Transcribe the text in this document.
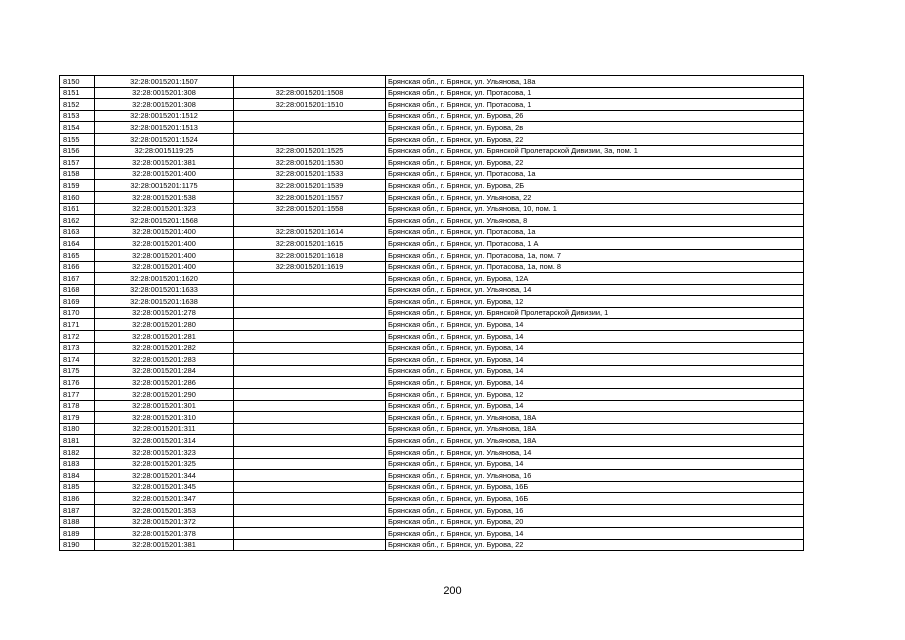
8150	32:28:0015201:1507		Брянская обл., г. Брянск, ул. Ульянова, 18а
8151	32:28:0015201:308	32:28:0015201:1508	Брянская обл., г. Брянск, ул. Протасова, 1
8152	32:28:0015201:308	32:28:0015201:1510	Брянская обл., г. Брянск, ул. Протасова, 1
8153	32:28:0015201:1512		Брянская обл., г. Брянск, ул. Бурова, 26
8154	32:28:0015201:1513		Брянская обл., г. Брянск, ул. Бурова, 2в
8155	32:28:0015201:1524		Брянская обл., г. Брянск, ул. Бурова, 22
8156	32:28:0015119:25	32:28:0015201:1525	Брянская обл., г. Брянск, ул. Брянской Пролетарской Дивизии, 3а, пом. 1
8157	32:28:0015201:381	32:28:0015201:1530	Брянская обл., г. Брянск, ул. Бурова, 22
8158	32:28:0015201:400	32:28:0015201:1533	Брянская обл., г. Брянск, ул. Протасова, 1а
8159	32:28:0015201:1175	32:28:0015201:1539	Брянская обл., г. Брянск, ул. Бурова, 2Б
8160	32:28:0015201:538	32:28:0015201:1557	Брянская обл., г. Брянск, ул. Ульянова, 22
8161	32:28:0015201:323	32:28:0015201:1558	Брянская обл., г. Брянск, ул. Ульянова, 10, пом. 1
8162	32:28:0015201:1568		Брянская обл., г. Брянск, ул. Ульянова, 8
8163	32:28:0015201:400	32:28:0015201:1614	Брянская обл., г. Брянск, ул. Протасова, 1а
8164	32:28:0015201:400	32:28:0015201:1615	Брянская обл., г. Брянск, ул. Протасова, 1 А
8165	32:28:0015201:400	32:28:0015201:1618	Брянская обл., г. Брянск, ул. Протасова, 1а, пом. 7
8166	32:28:0015201:400	32:28:0015201:1619	Брянская обл., г. Брянск, ул. Протасова, 1а, пом. 8
8167	32:28:0015201:1620		Брянская обл., г. Брянск, ул. Бурова, 12А
8168	32:28:0015201:1633		Брянская обл., г. Брянск, ул. Ульянова, 14
8169	32:28:0015201:1638		Брянская обл., г. Брянск, ул. Бурова, 12
8170	32:28:0015201:278		Брянская обл., г. Брянск, ул. Брянской Пролетарской Дивизии, 1
8171	32:28:0015201:280		Брянская обл., г. Брянск, ул. Бурова, 14
8172	32:28:0015201:281		Брянская обл., г. Брянск, ул. Бурова, 14
8173	32:28:0015201:282		Брянская обл., г. Брянск, ул. Бурова, 14
8174	32:28:0015201:283		Брянская обл., г. Брянск, ул. Бурова, 14
8175	32:28:0015201:284		Брянская обл., г. Брянск, ул. Бурова, 14
8176	32:28:0015201:286		Брянская обл., г. Брянск, ул. Бурова, 14
8177	32:28:0015201:290		Брянская обл., г. Брянск, ул. Бурова, 12
8178	32:28:0015201:301		Брянская обл., г. Брянск, ул. Бурова, 14
8179	32:28:0015201:310		Брянская обл., г. Брянск, ул. Ульянова, 18А
8180	32:28:0015201:311		Брянская обл., г. Брянск, ул. Ульянова, 18А
8181	32:28:0015201:314		Брянская обл., г. Брянск, ул. Ульянова, 18А
8182	32:28:0015201:323		Брянская обл., г. Брянск, ул. Ульянова, 14
8183	32:28:0015201:325		Брянская обл., г. Брянск, ул. Бурова, 14
8184	32:28:0015201:344		Брянская обл., г. Брянск, ул. Ульянова, 16
8185	32:28:0015201:345		Брянская обл., г. Брянск, ул. Бурова, 16Б
8186	32:28:0015201:347		Брянская обл., г. Брянск, ул. Бурова, 16Б
8187	32:28:0015201:353		Брянская обл., г. Брянск, ул. Бурова, 16
8188	32:28:0015201:372		Брянская обл., г. Брянск, ул. Бурова, 20
8189	32:28:0015201:378		Брянская обл., г. Брянск, ул. Бурова, 14
8190	32:28:0015201:381		Брянская обл., г. Брянск, ул. Бурова, 22
200
